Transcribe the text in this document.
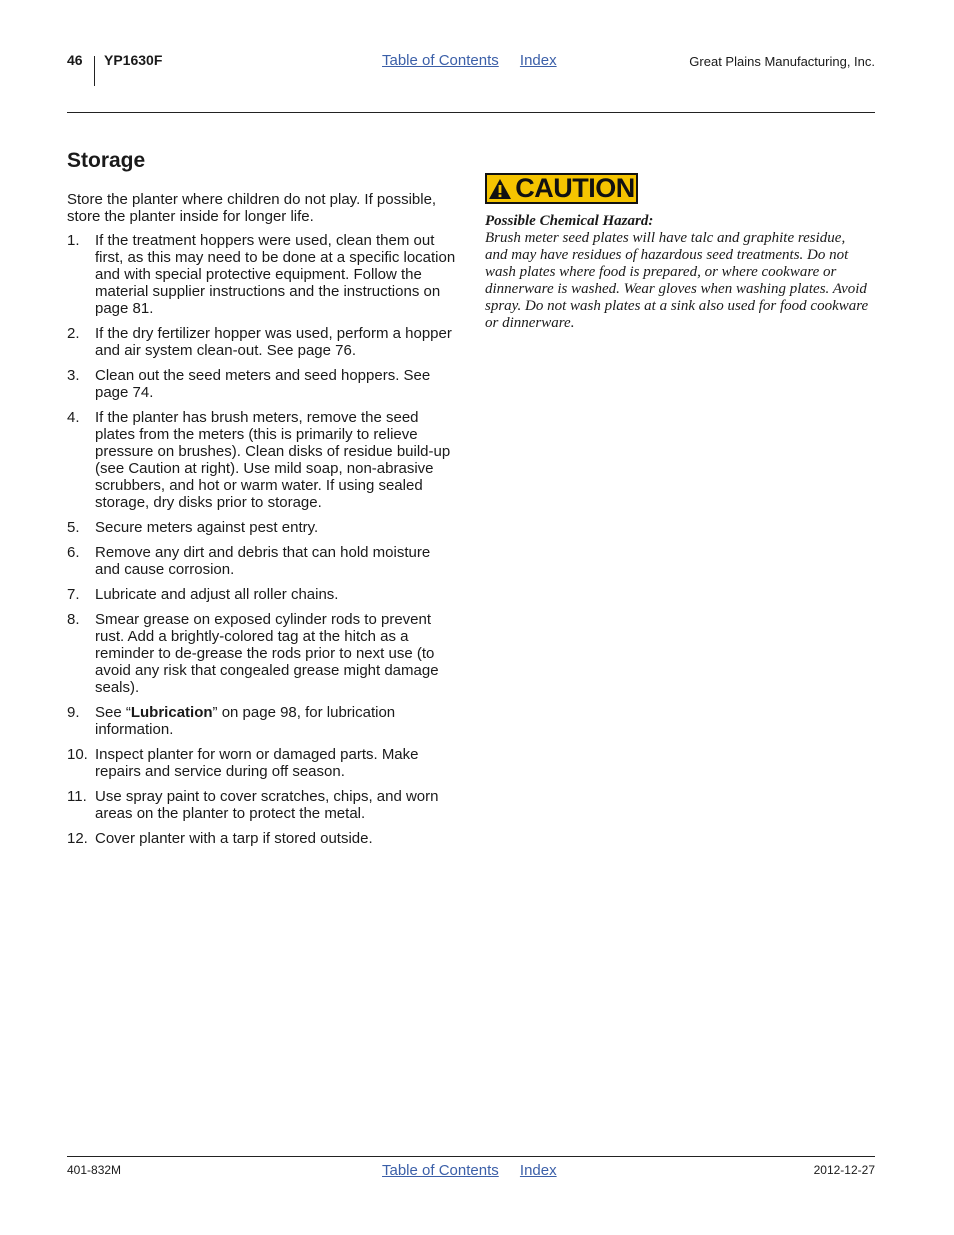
46 YP1630F	Table of Contents Index	Great Plains Manufacturing, Inc.
Storage

Store the planter where children do not play. If possible, store the planter inside for longer life.

1. If the treatment hoppers were used, clean them out first, as this may need to be done at a specific location and with special protective equipment. Follow the material supplier instructions and the instructions on page 81.
2. If the dry fertilizer hopper was used, perform a hopper and air system clean-out. See page 76.
3. Clean out the seed meters and seed hoppers. See page 74.
4. If the planter has brush meters, remove the seed plates from the meters (this is primarily to relieve pressure on brushes). Clean disks of residue build-up (see Caution at right). Use mild soap, non-abrasive scrubbers, and hot or warm water. If using sealed storage, dry disks prior to storage.
5. Secure meters against pest entry.
6. Remove any dirt and debris that can hold moisture and cause corrosion.
7. Lubricate and adjust all roller chains.
8. Smear grease on exposed cylinder rods to prevent rust. Add a brightly-colored tag at the hitch as a reminder to de-grease the rods prior to next use (to avoid any risk that congealed grease might damage seals).
9. See “Lubrication” on page 98, for lubrication information.
10. Inspect planter for worn or damaged parts. Make repairs and service during off season.
11. Use spray paint to cover scratches, chips, and worn areas on the planter to protect the metal.
12. Cover planter with a tarp if stored outside.
CAUTION
Possible Chemical Hazard:

Brush meter seed plates will have talc and graphite residue, and may have residues of hazardous seed treatments. Do not wash plates where food is prepared, or where cookware or dinnerware is washed. Wear gloves when washing plates. Avoid spray. Do not wash plates at a sink also used for food cookware or dinnerware.

401-832M	Table of Contents Index	2012-12-27
